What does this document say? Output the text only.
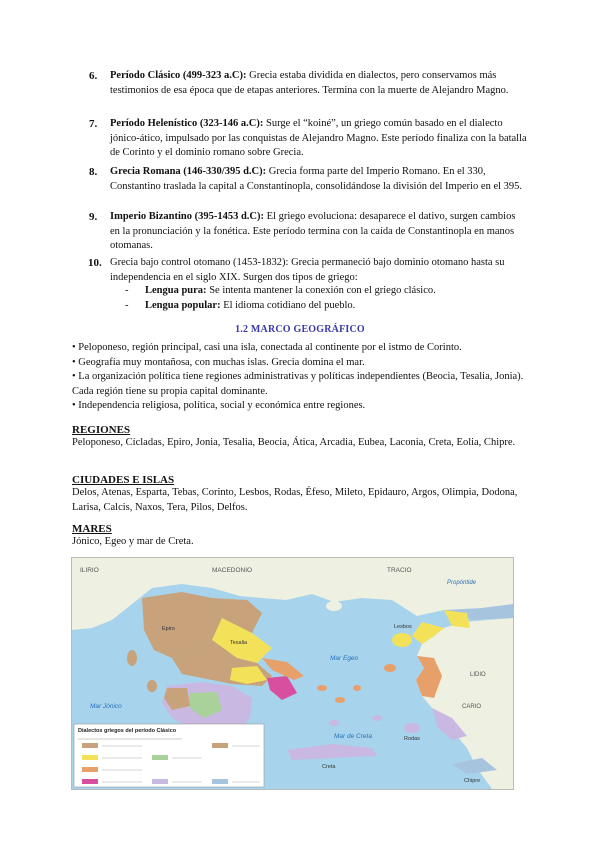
6.	Período Clásico (499-323 a.C): Grecia estaba dividida en dialectos, pero conservamos más testimonios de esa época que de etapas anteriores. Termina con la muerte de Alejandro Magno.
7.	Período Helenístico (323-146 a.C): Surge el “koiné”, un griego común basado en el dialecto jónico-ático, impulsado por las conquistas de Alejandro Magno. Este período finaliza con la batalla de Corinto y el dominio romano sobre Grecia.
8.	Grecia Romana (146-330/395 d.C): Grecia forma parte del Imperio Romano. En el 330, Constantino traslada la capital a Constantinopla, consolidándose la división del Imperio en el 395.
9.	Imperio Bizantino (395-1453 d.C): El griego evoluciona: desaparece el dativo, surgen cambios en la pronunciación y la fonética. Este período termina con la caída de Constantinopla en manos otomanas.
10. Grecia bajo control otomano (1453-1832): Grecia permaneció bajo dominio otomano hasta su independencia en el siglo XIX. Surgen dos tipos de griego:
- Lengua pura: Se intenta mantener la conexión con el griego clásico.
- Lengua popular: El idioma cotidiano del pueblo.
1.2 MARCO GEOGRÁFICO
• Peloponeso, región principal, casi una isla, conectada al continente por el istmo de Corinto.
• Geografía muy montañosa, con muchas islas. Grecia domina el mar.
• La organización política tiene regiones administrativas y políticas independientes (Beocia, Tesalia, Jonia). Cada región tiene su propia capital dominante.
• Independencia religiosa, política, social y económica entre regiones.
REGIONES
Peloponeso, Cícladas, Epiro, Jonia, Tesalia, Beocia, Ática, Arcadia, Eubea, Laconia, Creta, Eolia, Chipre.
CIUDADES E ISLAS
Delos, Atenas, Esparta, Tebas, Corinto, Lesbos, Rodas, Éfeso, Mileto, Epidauro, Argos, Olimpia, Dodona, Larisa, Calcis, Naxos, Tera, Pilos, Delfos.
MARES
Jónico, Egeo y mar de Creta.
ILIRIO	MACEDONIO	TRACIO
Propóntide
Mar Jónico
Mar Egeo
LIDIO
CARIO
Mar de Creta
Epiro
Tesalia
Lesbos
Creta
Rodas
Chipre
Dialectos griegos del período Clásico
